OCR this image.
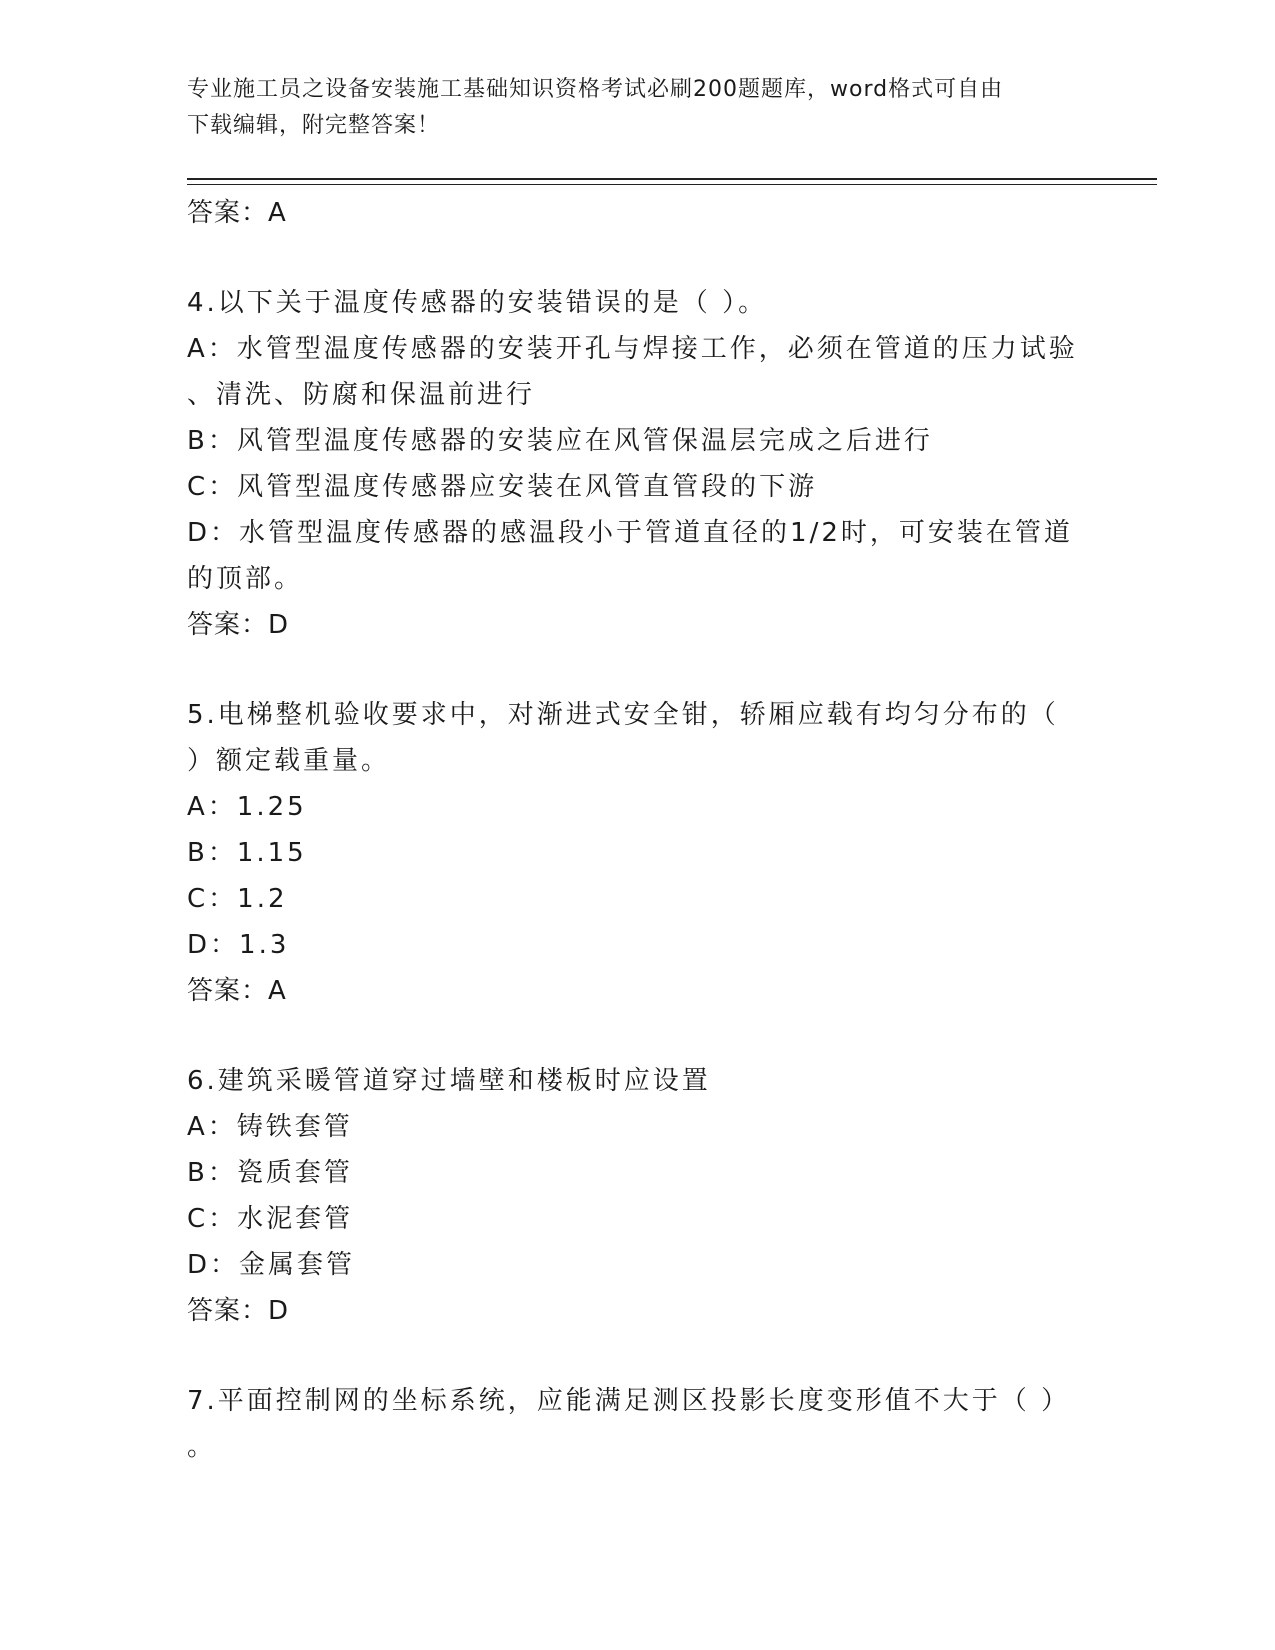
专业施工员之设备安装施工基础知识资格考试必刷200题题库，word格式可自由
下载编辑，附完整答案！
答案：A
4.以下关于温度传感器的安装错误的是（ ）。
A：水管型温度传感器的安装开孔与焊接工作，必须在管道的压力试验
、清洗、防腐和保温前进行
B：风管型温度传感器的安装应在风管保温层完成之后进行
C：风管型温度传感器应安装在风管直管段的下游
D：水管型温度传感器的感温段小于管道直径的1/2时，可安装在管道
的顶部。
答案：D
5.电梯整机验收要求中，对渐进式安全钳，轿厢应载有均匀分布的（
）额定载重量。
A：1.25
B：1.15
C：1.2
D：1.3
答案：A
6.建筑采暖管道穿过墙壁和楼板时应设置
A：铸铁套管
B：瓷质套管
C：水泥套管
D：金属套管
答案：D
7.平面控制网的坐标系统，应能满足测区投影长度变形值不大于（ ）
。
